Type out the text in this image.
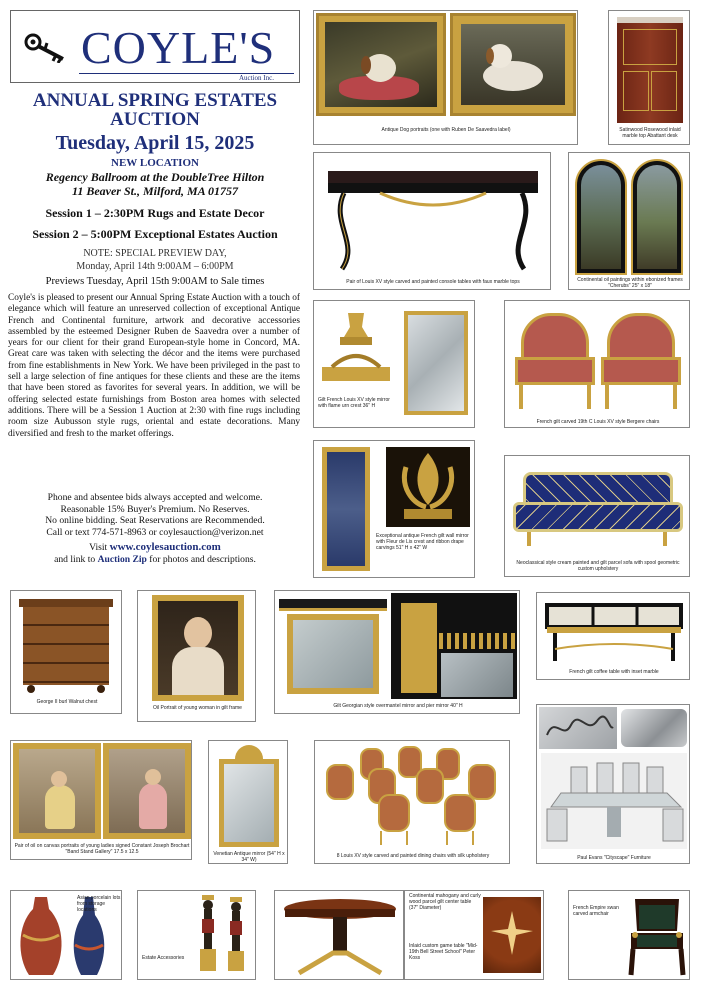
COYLE'S
Auction Inc.
ANNUAL SPRING ESTATES AUCTION
Tuesday, April 15, 2025
NEW LOCATION
Regency Ballroom at the DoubleTree Hilton
11 Beaver St., Milford, MA 01757
Session 1 – 2:30PM Rugs and Estate Decor
Session 2 – 5:00PM Exceptional Estates Auction
NOTE: SPECIAL PREVIEW DAY,
Monday, April 14th 9:00AM – 6:00PM
Previews Tuesday, April 15th 9:00AM to Sale times
Coyle's is pleased to present our Annual Spring Estate Auction with a touch of elegance which will feature an unreserved collection of exceptional Antique French and Continental furniture, artwork and decorative accessories assembled by the esteemed Designer Ruben de Saavedra over a number of years for our client for their grand European-style home in Concord, MA. Great care was taken with selecting the décor and the items were purchased from fine establishments in New York. We have been privileged in the past to sell a large selection of fine antiques for these clients and these are the items that have been stored as favorites for several years. In addition, we will be offering selected estate furnishings from Boston area homes with selected additions. There will be a Session 1 Auction at 2:30 with fine rugs including room size Aubusson style rugs, oriental and estate decorations. Many diversified and fresh to the market offerings.
Phone and absentee bids always accepted and welcome.
Reasonable 15% Buyer's Premium. No Reserves.
No online bidding. Seat Reservations are Recommended.
Call or text 774-571-8963 or coylesauction@verizon.net
Visit www.coylesauction.com
and link to Auction Zip for photos and descriptions.
Antique Dog portraits (one with Ruben De Saavedra label)	Satinwood Rosewood inlaid marble top Abattant desk
Pair of Louis XV style carved and painted console tables with faux marble tops	Continental oil paintings within ebonized frames "Cherubs" 25" x 18"
Gilt French Louis XV style mirror with flame urn crest 36" H
French gilt carved 19th C Louis XV style Bergere chairs
Exceptional antique French gilt wall mirror with Fleur de Lis crest and ribbon drape carvings 51" H x 42" W
Neoclassical style cream painted and gilt parcel sofa with spool geometric custom upholstery
George II burl Walnut chest
Oil Portrait of young woman in gilt frame	Gilt Georgian style overmantel mirror and pier mirror 40" H
French gilt coffee table with inset marble
Pair of oil on canvas portraits of young ladies signed Constant Joseph Brochart "Band Stand Gallery" 17.5 x 12.5	Venetian Antique mirror (54" H x 34" W)
8 Louis XV style carved and painted dining chairs with silk upholstery	Paul Evans "Cityscape" Furniture
Asian porcelain lots from storage locations
Estate Accessories
Continental mahogany and curly wood parcel gilt center table (37" Diameter)
Inlaid custom game table "Mid-19th Bell Street School" Peter Koss
French Empire swan carved armchair
